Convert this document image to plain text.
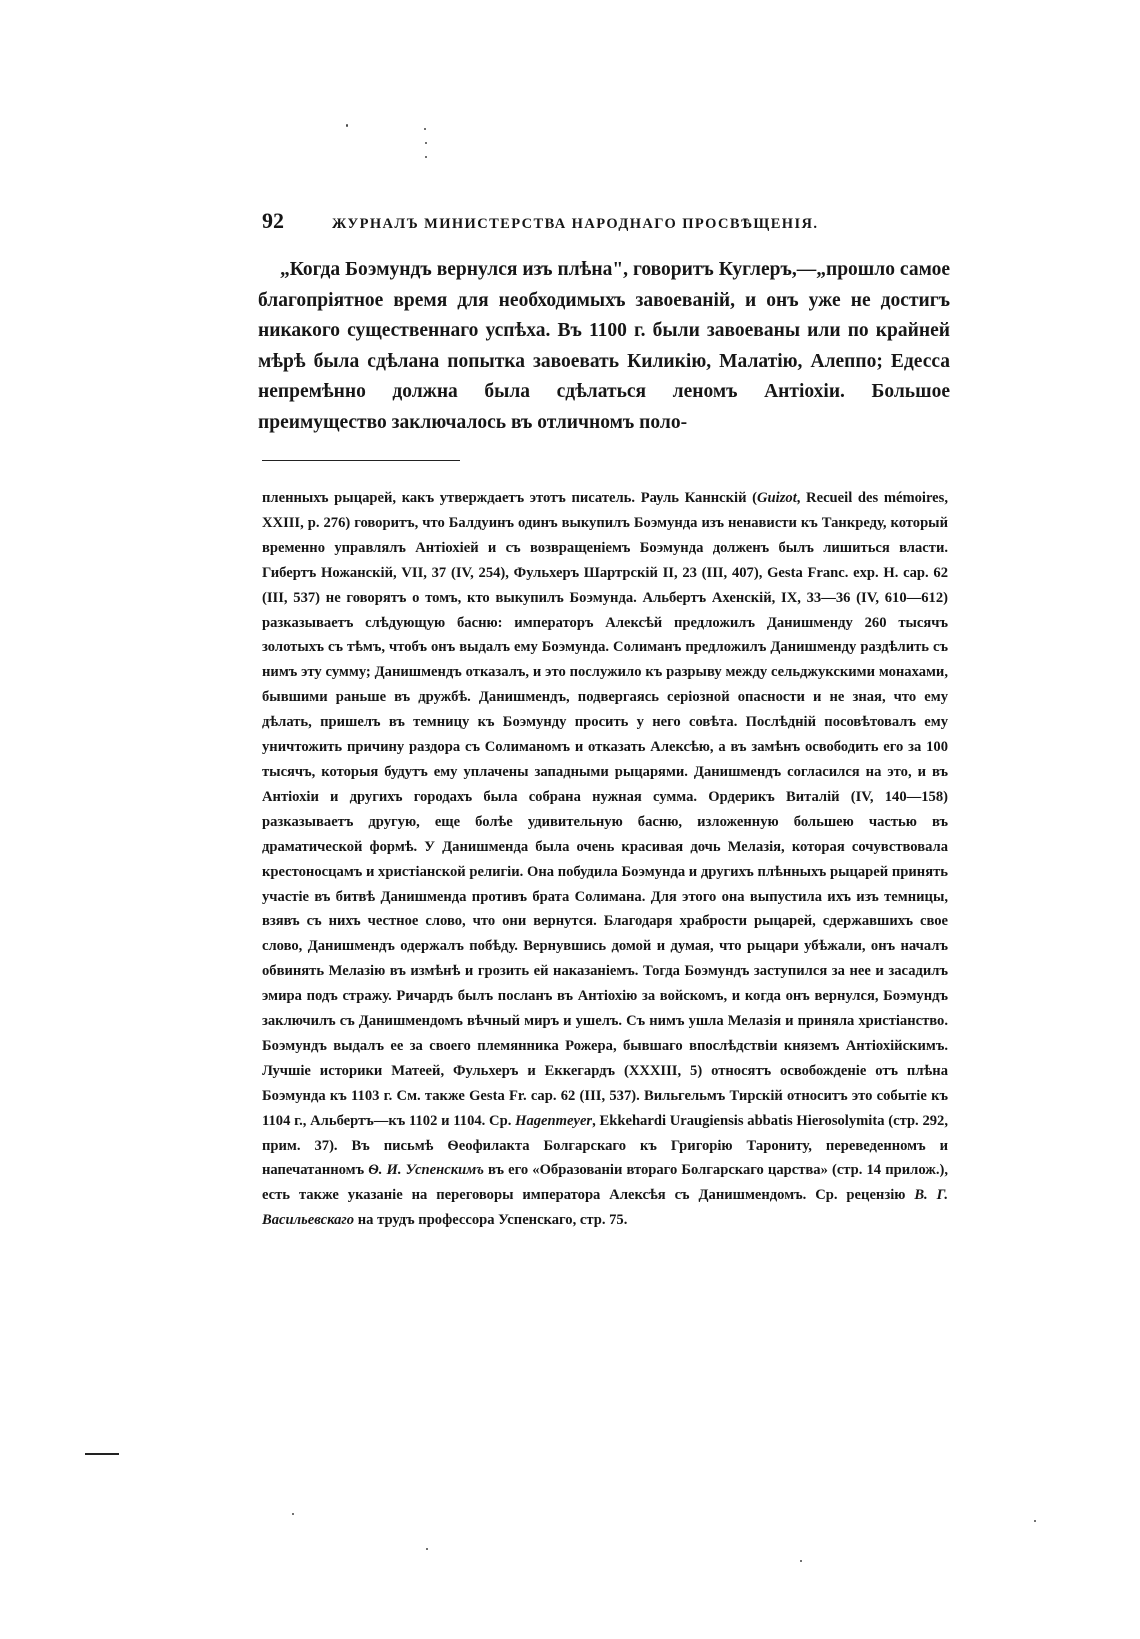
92	ЖУРНАЛЪ МИНИСТЕРСТВА НАРОДНАГО ПРОСВѢЩЕНІЯ.
„Когда Боэмундъ вернулся изъ плѣна", говоритъ Куглеръ,—„прошло самое благопріятное время для необходимыхъ завоеваній, и онъ уже не достигъ никакого существеннаго успѣха. Въ 1100 г. были завоеваны или по крайней мѣрѣ была сдѣлана попытка завоевать Киликію, Малатію, Алеппо; Едесса непремѣнно должна была сдѣлаться леномъ Антіохіи. Большое преимущество заключалось въ отличномъ поло-
пленныхъ рыцарей, какъ утверждаетъ этотъ писатель. Рауль Каннскій (Guizot, Recueil des mémoires, XXIII, p. 276) говоритъ, что Балдуинъ одинъ выкупилъ Боэмунда изъ ненависти къ Танкреду, который временно управлялъ Антіохіей и съ возвращеніемъ Боэмунда долженъ былъ лишиться власти. Гибертъ Ножанскій, VII, 37 (IV, 254), Фульхеръ Шартрскій II, 23 (III, 407), Gesta Franc. exp. H. cap. 62 (III, 537) не говорятъ о томъ, кто выкупилъ Боэмунда. Альбертъ Ахенскій, IX, 33—36 (IV, 610—612) разказываетъ слѣдующую басню: императоръ Алексѣй предложилъ Данишменду 260 тысячъ золотыхъ съ тѣмъ, чтобъ онъ выдалъ ему Боэмунда. Солиманъ предложилъ Данишменду раздѣлить съ нимъ эту сумму; Данишмендъ отказалъ, и это послужило къ разрыву между сельджукскими монахами, бывшими раньше въ дружбѣ. Данишмендъ, подвергаясь серіозной опасности и не зная, что ему дѣлать, пришелъ въ темницу къ Боэмунду просить у него совѣта. Послѣдній посовѣтовалъ ему уничтожить причину раздора съ Солиманомъ и отказать Алексѣю, а въ замѣнъ освободить его за 100 тысячъ, которыя будутъ ему уплачены западными рыцарями. Данишмендъ согласился на это, и въ Антіохіи и другихъ городахъ была собрана нужная сумма. Ордерикъ Виталій (IV, 140—158) разказываетъ другую, еще болѣе удивительную басню, изложенную большею частью въ драматической формѣ. У Данишменда была очень красивая дочь Мелазія, которая сочувствовала крестоносцамъ и христіанской религіи. Она побудила Боэмунда и другихъ плѣнныхъ рыцарей принять участіе въ битвѣ Данишменда противъ брата Солимана. Для этого она выпустила ихъ изъ темницы, взявъ съ нихъ честное слово, что они вернутся. Благодаря храбрости рыцарей, сдержавшихъ свое слово, Данишмендъ одержалъ побѣду. Вернувшись домой и думая, что рыцари убѣжали, онъ началъ обвинять Мелазію въ измѣнѣ и грозить ей наказаніемъ. Тогда Боэмундъ заступился за нее и засадилъ эмира подъ стражу. Ричардъ былъ посланъ въ Антіохію за войскомъ, и когда онъ вернулся, Боэмундъ заключилъ съ Данишмендомъ вѣчный миръ и ушелъ. Съ нимъ ушла Мелазія и приняла христіанство. Боэмундъ выдалъ ее за своего племянника Рожера, бывшаго впослѣдствіи княземъ Антіохійскимъ. Лучшіе историки Матеей, Фульхеръ и Еккегардъ (XXXIII, 5) относятъ освобожденіе отъ плѣна Боэмунда къ 1103 г. См. также Gesta Fr. cap. 62 (III, 537). Вильгельмъ Тирскій относитъ это событіе къ 1104 г., Альбертъ—къ 1102 и 1104. Ср. Hagenmeyer, Ekkehardi Uraugiensis abbatis Hierosolymita (стр. 292, прим. 37). Въ письмѣ Ѳеофилакта Болгарскаго къ Григорію Тарониту, переведенномъ и напечатанномъ Ѳ. И. Успенскимъ въ его «Образованіи втораго Болгарскаго царства» (стр. 14 прилож.), есть также указаніе на переговоры императора Алексѣя съ Данишмендомъ. Ср. рецензію В. Г. Васильевскаго на трудъ профессора Успенскаго, стр. 75.
